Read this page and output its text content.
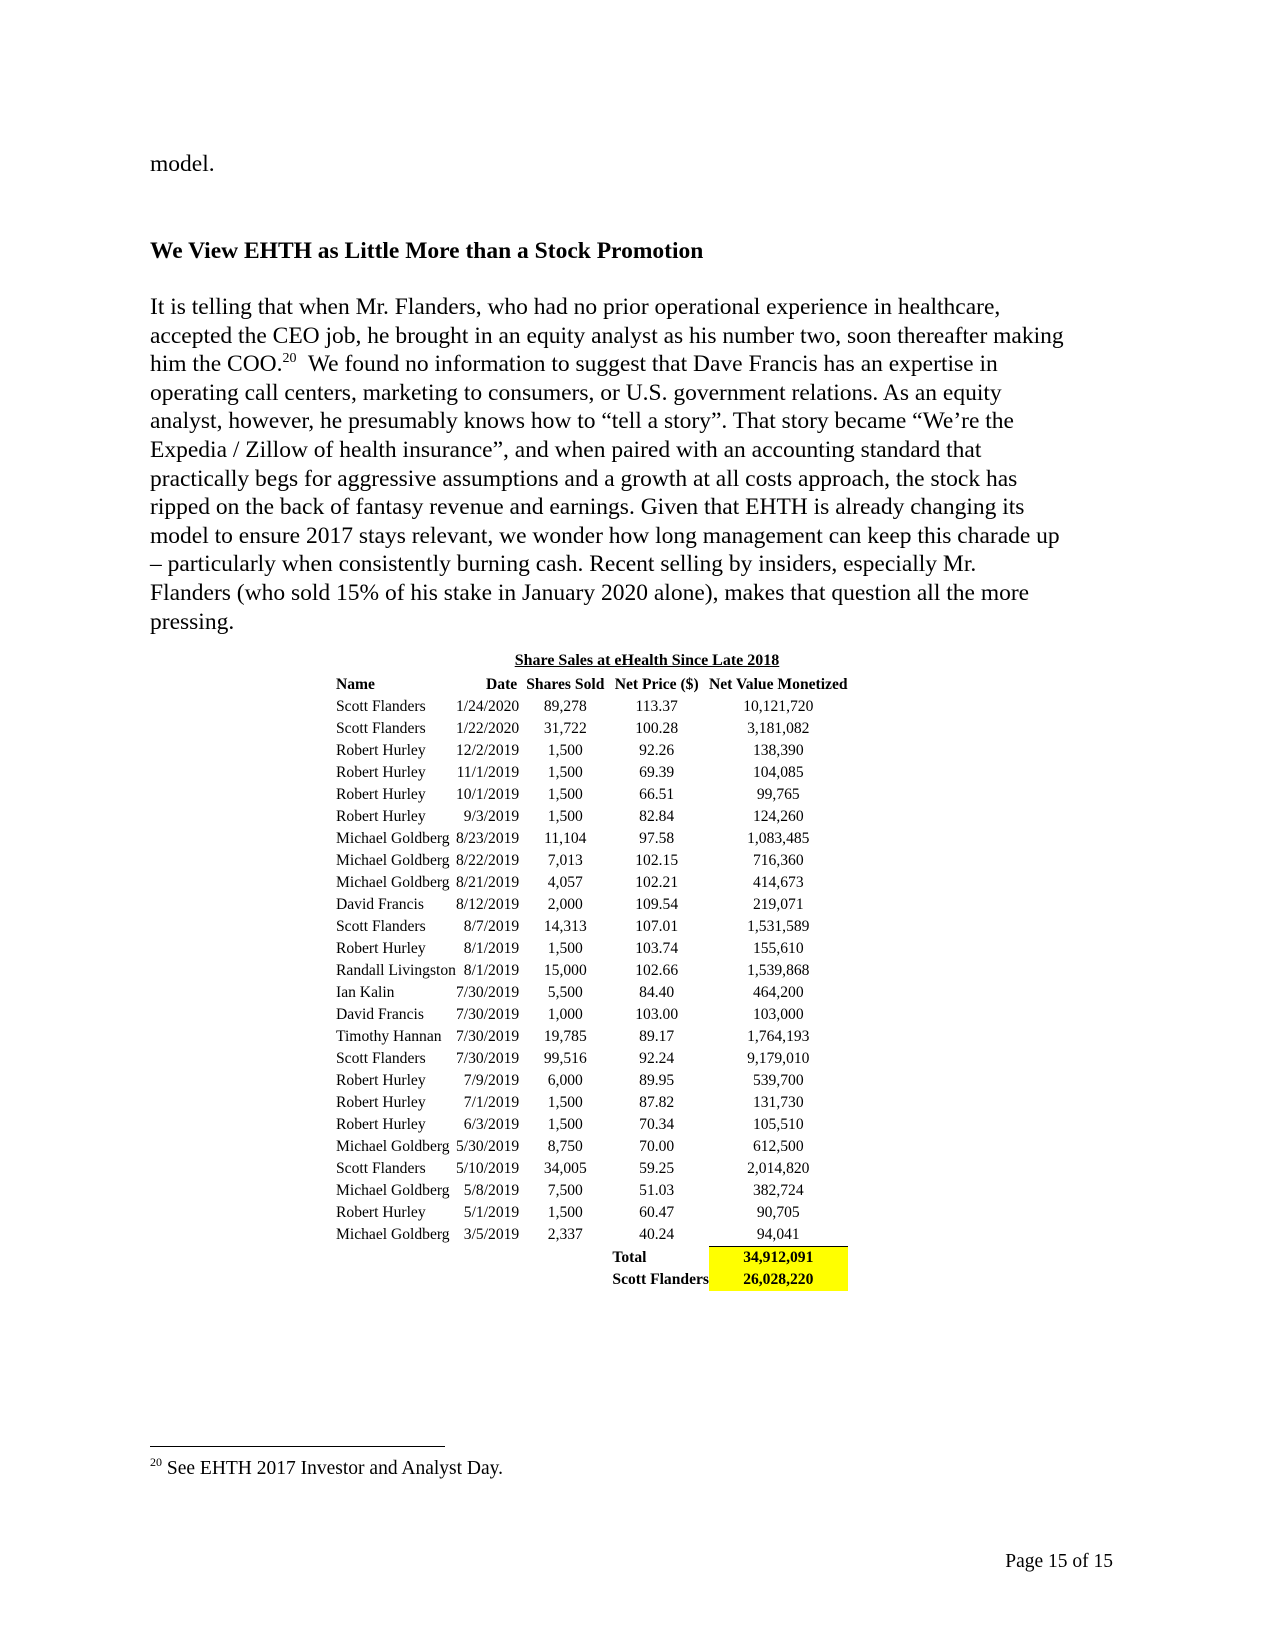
model.

We View EHTH as Little More than a Stock Promotion
It is telling that when Mr. Flanders, who had no prior operational experience in healthcare,
accepted the CEO job, he brought in an equity analyst as his number two, soon thereafter making
him the COO.$^{20}$  We found no information to suggest that Dave Francis has an expertise in
operating call centers, marketing to consumers, or U.S. government relations. As an equity
analyst, however, he presumably knows how to “tell a story”. That story became “We’re the
Expedia / Zillow of health insurance”, and when paired with an accounting standard that
practically begs for aggressive assumptions and a growth at all costs approach, the stock has
ripped on the back of fantasy revenue and earnings. Given that EHTH is already changing its
model to ensure 2017 stays relevant, we wonder how long management can keep this charade up
– particularly when consistently burning cash. Recent selling by insiders, especially Mr.
Flanders (who sold 15% of his stake in January 2020 alone), makes that question all the more
pressing.
Share Sales at eHealth Since Late 2018
Name	Date	Shares Sold	Net Price ($)	Net Value Monetized
Scott Flanders	1/24/2020	89,278	113.37	10,121,720
Scott Flanders	1/22/2020	31,722	100.28	3,181,082
Robert Hurley	12/2/2019	1,500	92.26	138,390
Robert Hurley	11/1/2019	1,500	69.39	104,085
Robert Hurley	10/1/2019	1,500	66.51	99,765
Robert Hurley	9/3/2019	1,500	82.84	124,260
Michael Goldberg	8/23/2019	11,104	97.58	1,083,485
Michael Goldberg	8/22/2019	7,013	102.15	716,360
Michael Goldberg	8/21/2019	4,057	102.21	414,673
David Francis	8/12/2019	2,000	109.54	219,071
Scott Flanders	8/7/2019	14,313	107.01	1,531,589
Robert Hurley	8/1/2019	1,500	103.74	155,610
Randall Livingston	8/1/2019	15,000	102.66	1,539,868
Ian Kalin	7/30/2019	5,500	84.40	464,200
David Francis	7/30/2019	1,000	103.00	103,000
Timothy Hannan	7/30/2019	19,785	89.17	1,764,193
Scott Flanders	7/30/2019	99,516	92.24	9,179,010
Robert Hurley	7/9/2019	6,000	89.95	539,700
Robert Hurley	7/1/2019	1,500	87.82	131,730
Robert Hurley	6/3/2019	1,500	70.34	105,510
Michael Goldberg	5/30/2019	8,750	70.00	612,500
Scott Flanders	5/10/2019	34,005	59.25	2,014,820
Michael Goldberg	5/8/2019	7,500	51.03	382,724
Robert Hurley	5/1/2019	1,500	60.47	90,705
Michael Goldberg	3/5/2019	2,337	40.24	94,041
			Total	34,912,091
			Scott Flanders	26,028,220

$^{20}$ See EHTH 2017 Investor and Analyst Day.

Page 15 of 15
